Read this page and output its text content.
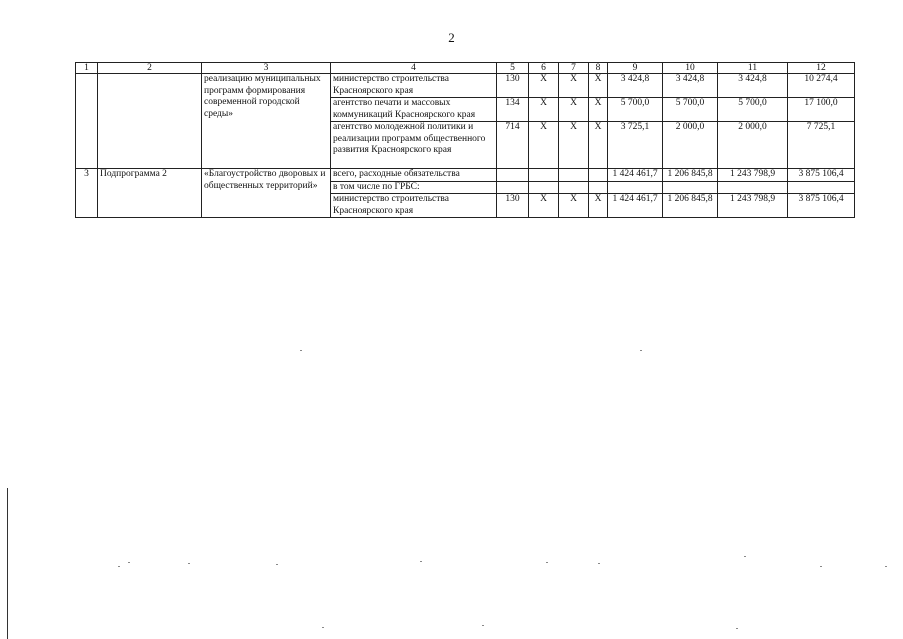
2
1	2	3	4	5	6	7	8	9	10	11	12
		реализацию муниципальных программ формирования современной городской среды»	министерство строительства Красноярского края	130	Х	Х	Х	3 424,8	3 424,8	3 424,8	10 274,4
			агентство печати и массовых коммуникаций Красноярского края	134	Х	Х	Х	5 700,0	5 700,0	5 700,0	17 100,0
			агентство молодежной политики и реализации программ общественного развития Красноярского края	714	Х	Х	Х	3 725,1	2 000,0	2 000,0	7 725,1
3	Подпрограмма 2	«Благоустройство дворовых и общественных территорий»	всего, расходные обязательства					1 424 461,7	1 206 845,8	1 243 798,9	3 875 106,4
			в том числе по ГРБС:								
			министерство строительства Красноярского края	130	Х	Х	Х	1 424 461,7	1 206 845,8	1 243 798,9	3 875 106,4
